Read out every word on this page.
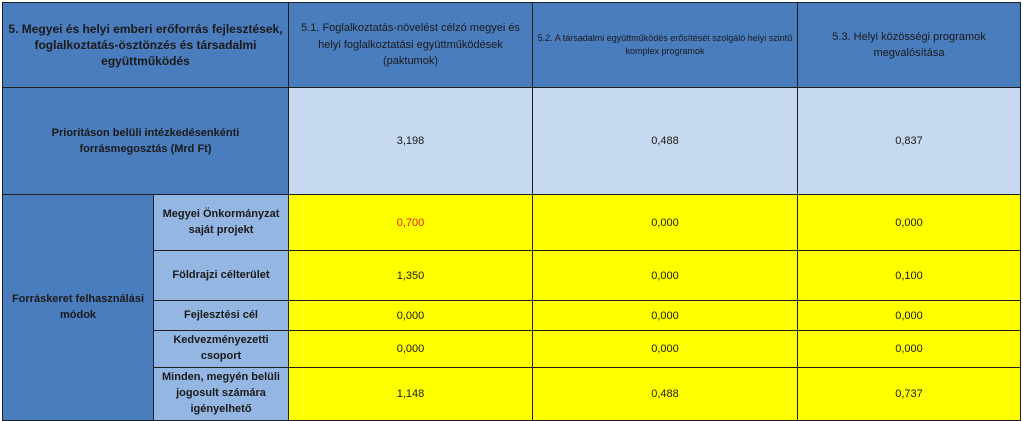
5. Megyei és helyi emberi erőforrás fejlesztések, foglalkoztatás-ösztönzés és társadalmi együttműködés		5.1. Foglalkoztatás-növelést célzó megyei és helyi foglalkoztatási együttműködések (paktumok)	5.2. A társadalmi együttműködés erősítését szolgáló helyi szintű komplex programok	5.3. Helyi közösségi programok megvalósítása
Prioritáson belüli intézkedésenkénti forrásmegosztás (Mrd Ft)		3,198	0,488	0,837
Forráskeret felhasználási módok	Megyei Önkormányzat saját projekt	0,700	0,000	0,000
	Földrajzi célterület	1,350	0,000	0,100
	Fejlesztési cél	0,000	0,000	0,000
	Kedvezményezetti csoport	0,000	0,000	0,000
	Minden, megyén belüli jogosult számára igényelhető	1,148	0,488	0,737
